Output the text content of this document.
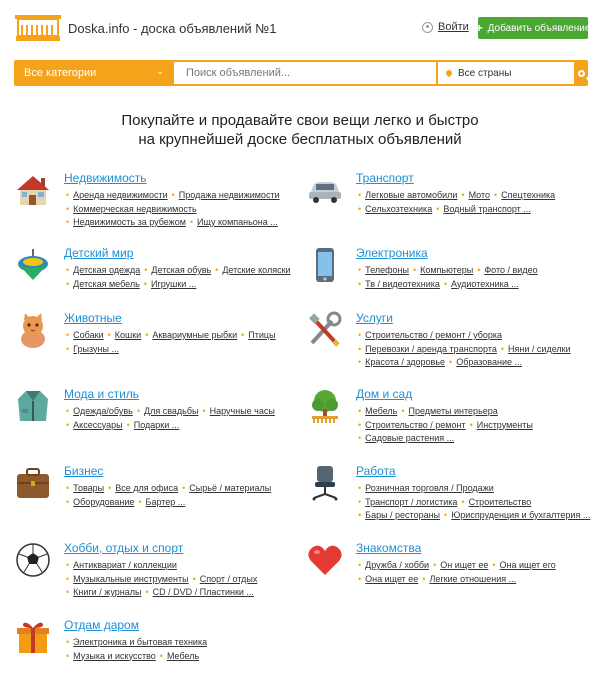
Doska.info - доска объявлений №1	Войти + Добавить объявление
Все категории	⌄
Поиск объявлений...	Все страны
Покупайте и продавайте свои вещи легко и быстро
на крупнейшей доске бесплатных объявлений
Недвижимость
• Аренда недвижимости • Продажа недвижимости
• Коммерческая недвижимость
• Недвижимость за рубежом • Ищу компаньона ...
Транспорт
• Легковые автомобили • Мото • Спецтехника
• Сельхозтехника • Водный транспорт ...
Детский мир
• Детская одежда • Детская обувь • Детские коляски
• Детская мебель • Игрушки ...
Электроника
• Телефоны • Компьютеры • Фото / видео
• Тв / видеотехника • Аудиотехника ...
Животные
• Собаки • Кошки • Аквариумные рыбки • Птицы
• Грызуны ...
Услуги
• Строительство / ремонт / уборка
• Перевозки / аренда транспорта • Няни / сиделки
• Красота / здоровье • Образование ...
Мода и стиль
• Одежда/обувь • Для свадьбы • Наручные часы
• Аксессуары • Подарки ...
Дом и сад
• Мебель • Предметы интерьера
• Строительство / ремонт • Инструменты
• Садовые растения ...
Бизнес
• Товары • Все для офиса • Сырьё / материалы
• Оборудование • Бартер ...
Работа
• Розничная торговля / Продажи
• Транспорт / логистика • Строительство
• Бары / рестораны • Юриспруденция и бухгалтерия ...
Хобби, отдых и спорт
• Антиквариат / коллекции
• Музыкальные инструменты • Спорт / отдых
• Книги / журналы • CD / DVD / Пластинки ...
Знакомства
• Дружба / хобби • Он ищет ее • Она ищет его
• Она ищет ее • Легкие отношения ...
Отдам даром
• Электроника и бытовая техника
• Музыка и искусство • Мебель
